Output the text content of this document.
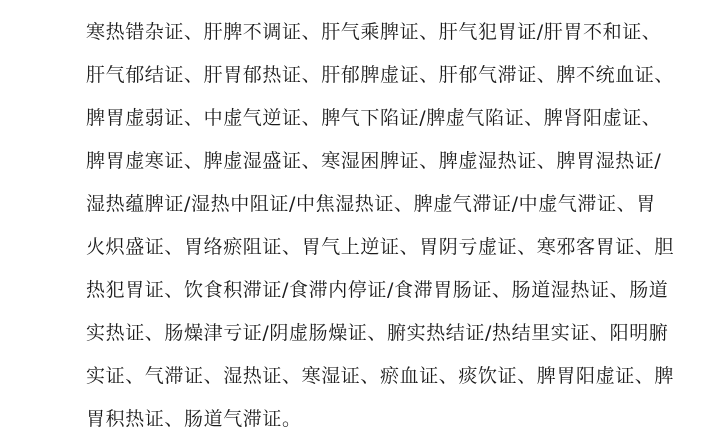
寒热错杂证、肝脾不调证、肝气乘脾证、肝气犯胃证/肝胃不和证、
肝气郁结证、肝胃郁热证、肝郁脾虚证、肝郁气滞证、脾不统血证、
脾胃虚弱证、中虚气逆证、脾气下陷证/脾虚气陷证、脾肾阳虚证、
脾胃虚寒证、脾虚湿盛证、寒湿困脾证、脾虚湿热证、脾胃湿热证/
湿热蕴脾证/湿热中阻证/中焦湿热证、脾虚气滞证/中虚气滞证、胃
火炽盛证、胃络瘀阻证、胃气上逆证、胃阴亏虚证、寒邪客胃证、胆
热犯胃证、饮食积滞证/食滞内停证/食滞胃肠证、肠道湿热证、肠道
实热证、肠燥津亏证/阴虚肠燥证、腑实热结证/热结里实证、阳明腑
实证、气滞证、湿热证、寒湿证、瘀血证、痰饮证、脾胃阳虚证、脾
胃积热证、肠道气滞证。
